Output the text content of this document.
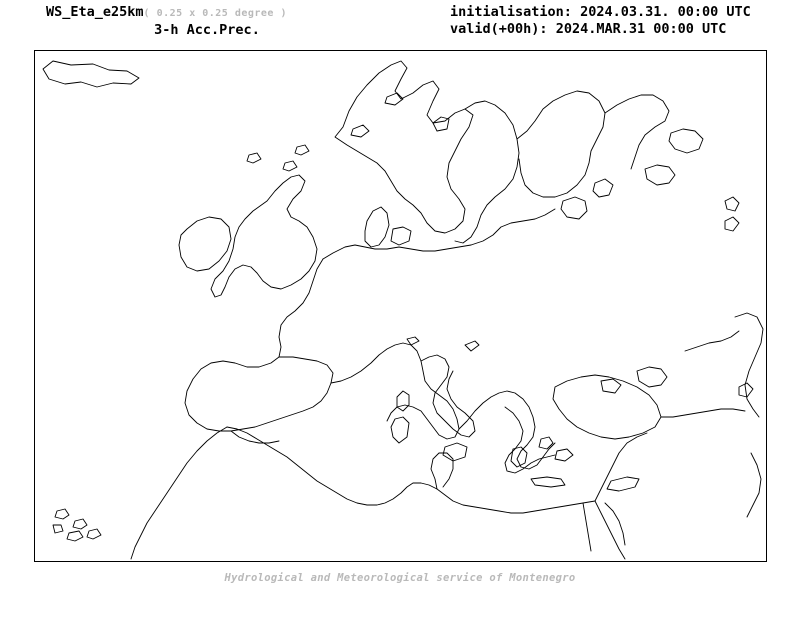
WS_Eta_e25km( 0.25 x 0.25 degree )
3-h Acc.Prec.
initialisation: 2024.03.31. 00:00 UTC
valid(+00h): 2024.MAR.31 00:00 UTC
Hydrological and Meteorological service of Montenegro
